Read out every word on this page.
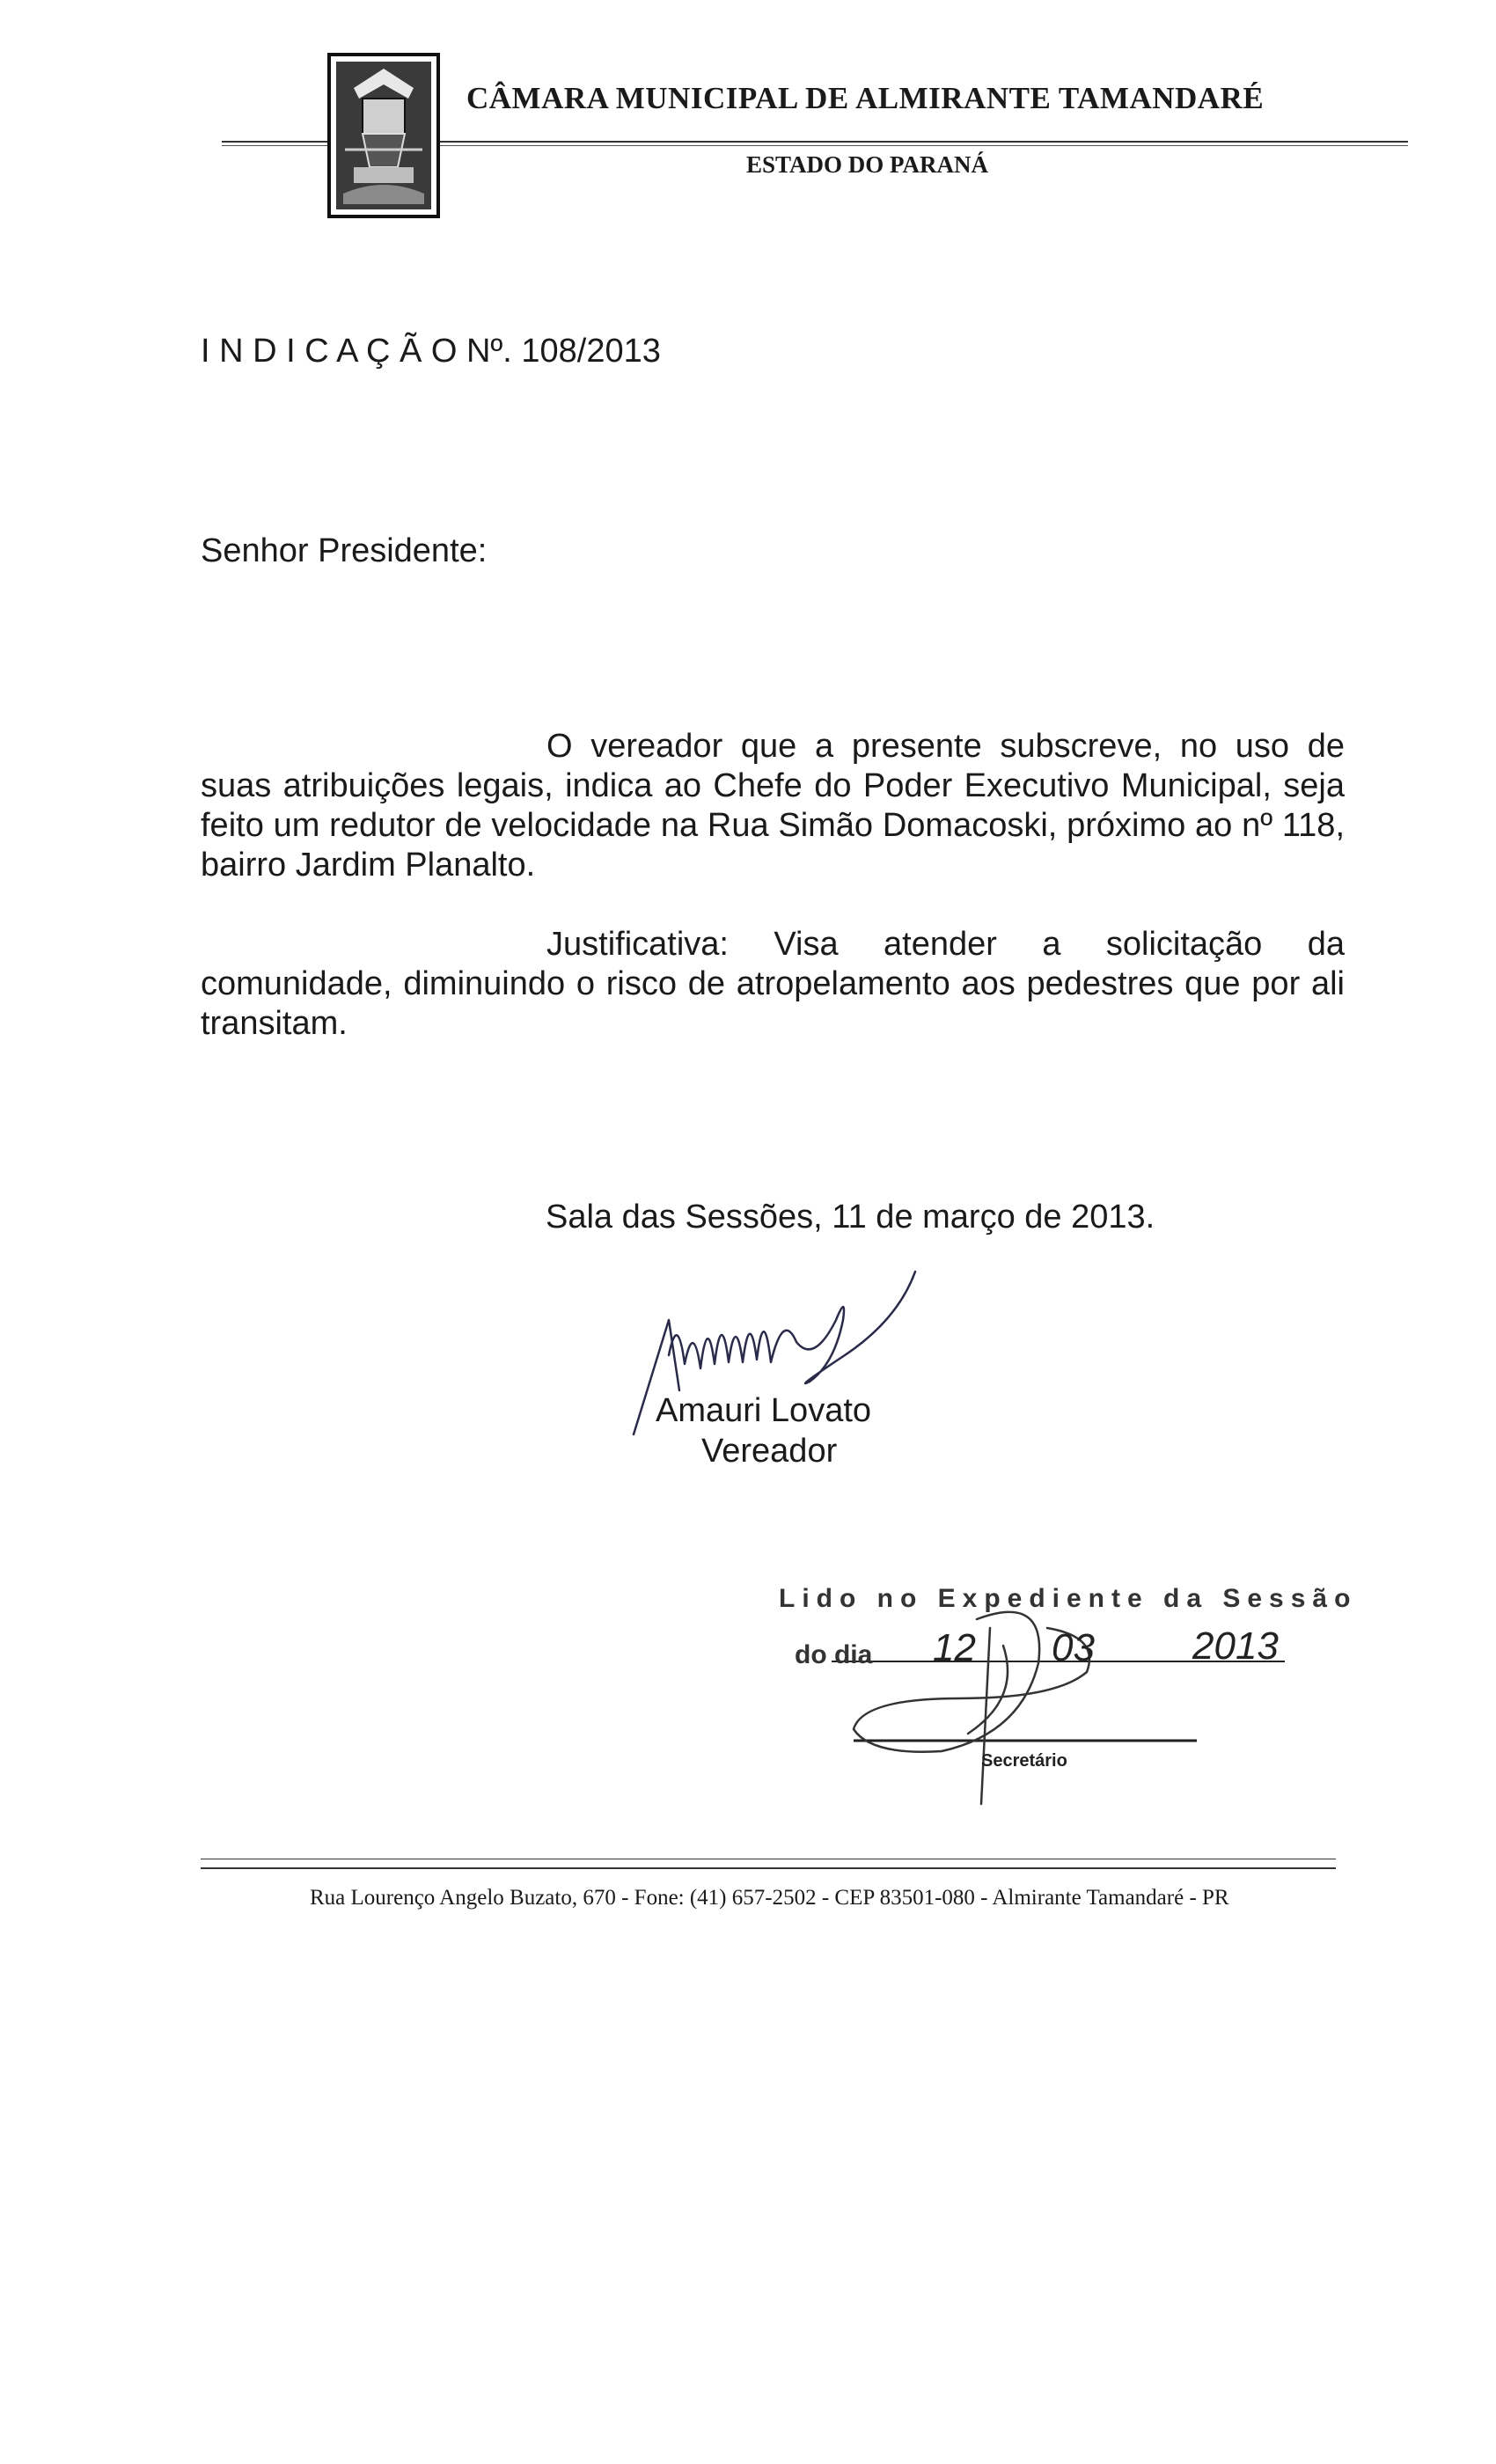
CÂMARA MUNICIPAL DE ALMIRANTE TAMANDARÉ
ESTADO DO PARANÁ
I N D I C A Ç Ã O Nº. 108/2013
Senhor Presidente:
O vereador que a presente subscreve, no uso de suas atribuições legais, indica ao Chefe do Poder Executivo Municipal, seja feito um redutor de velocidade na Rua Simão Domacoski, próximo ao nº 118, bairro Jardim Planalto.
Justificativa: Visa atender a solicitação da comunidade, diminuindo o risco de atropelamento aos pedestres que por ali transitam.
Sala das Sessões, 11 de março de 2013.
Amauri Lovato
Vereador
Lido no Expediente da Sessão
do dia 12 03	2013
Secretário
Rua Lourenço Angelo Buzato, 670 - Fone: (41) 657-2502 - CEP 83501-080 - Almirante Tamandaré - PR
